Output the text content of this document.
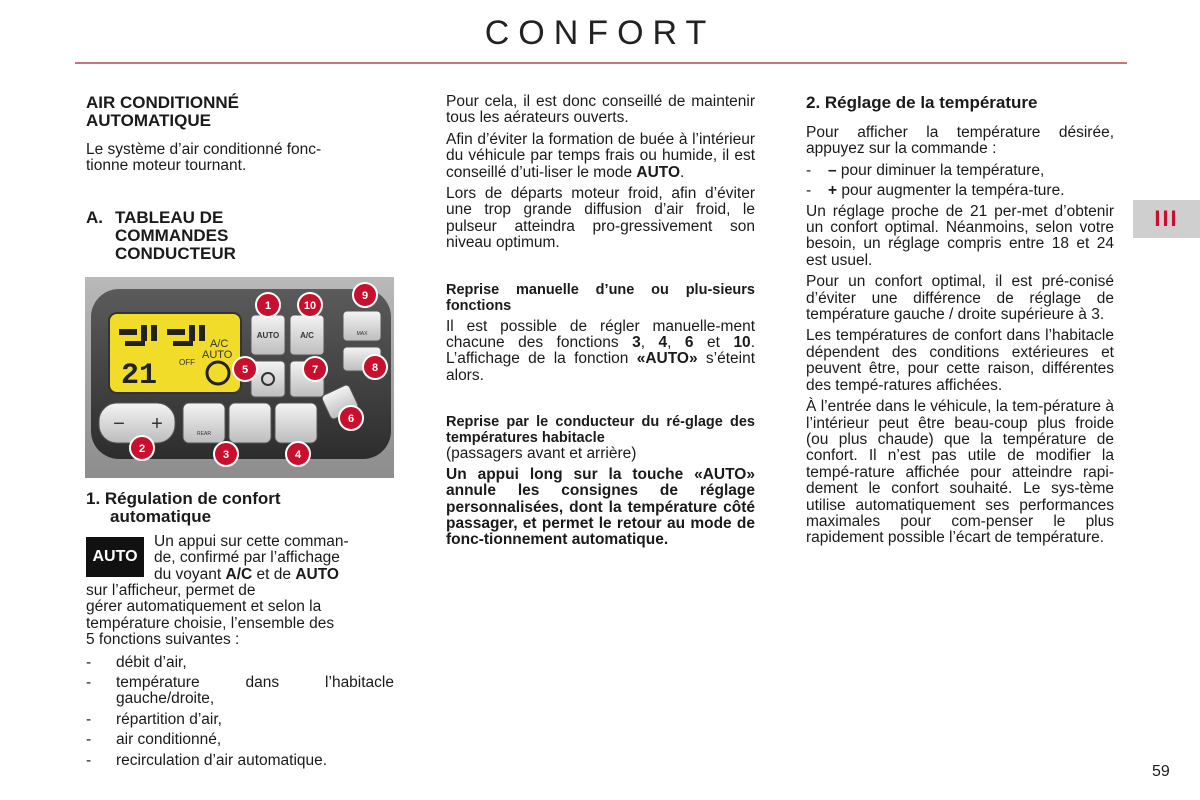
CONFORT
III
59
AIR CONDITIONNÉ
AUTOMATIQUE

Le système d’air conditionné fonc-
tionne moteur tournant.

A. TABLEAU DE
COMMANDES
CONDUCTEUR
21
A/C
AUTO
OFF
AUTO	A/C	MAX
− +	REAR
1	10
9
5	7	8
6
2	3	4
1. Régulation de confort
automatique
AUTO
Un appui sur cette comman-
de, confirmé par l’affichage
du voyant A/C et de AUTO
sur l’afficheur, permet de
gérer automatiquement et selon la
température choisie, l’ensemble des
5 fonctions suivantes :
- débit d’air,
- température dans l’habitacle gauche/droite,
- répartition d’air,
- air conditionné,
- recirculation d’air automatique.

Pour cela, il est donc conseillé de maintenir tous les aérateurs ouverts.

Afin d’éviter la formation de buée à l’intérieur du véhicule par temps frais ou humide, il est conseillé d’uti-liser le mode AUTO.

Lors de départs moteur froid, afin d’éviter une trop grande diffusion d’air froid, le pulseur atteindra pro-gressivement son niveau optimum.

Reprise manuelle d’une ou plu-sieurs fonctions

Il est possible de régler manuelle-ment chacune des fonctions 3, 4, 6 et 10. L’affichage de la fonction «AUTO» s’éteint alors.

Reprise par le conducteur du ré-glage des températures habitacle

(passagers avant et arrière)

Un appui long sur la touche «AUTO» annule les consignes de réglage personnalisées, dont la température côté passager, et permet le retour au mode de fonc-tionnement automatique.

2. Réglage de la température

Pour afficher la température désirée, appuyez sur la commande :

- – pour diminuer la température,
- + pour augmenter la tempéra-ture.

Un réglage proche de 21 per-met d’obtenir un confort optimal. Néanmoins, selon votre besoin, un réglage compris entre 18 et 24 est usuel.

Pour un confort optimal, il est pré-conisé d’éviter une différence de réglage de température gauche / droite supérieure à 3.

Les températures de confort dans l’habitacle dépendent des conditions extérieures et peuvent être, pour cette raison, différentes des tempé-ratures affichées.

À l’entrée dans le véhicule, la tem-pérature à l’intérieur peut être beau-coup plus froide (ou plus chaude) que la température de confort. Il n’est pas utile de modifier la tempé-rature affichée pour atteindre rapi-dement le confort souhaité. Le sys-tème utilise automatiquement ses performances maximales pour com-penser le plus rapidement possible l’écart de température.
